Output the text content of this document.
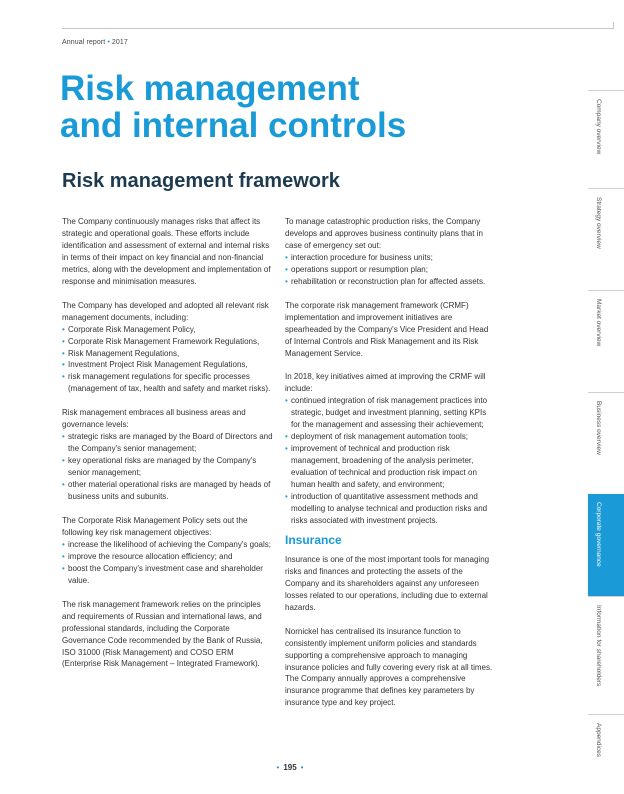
Annual report • 2017
Risk management
and internal controls
Risk management framework

The Company continuously manages risks that affect its strategic and operational goals. These efforts include identification and assessment of external and internal risks in terms of their impact on key financial and non-financial metrics, along with the development and implementation of response and minimisation measures.

The Company has developed and adopted all relevant risk management documents, including:

• Corporate Risk Management Policy,
• Corporate Risk Management Framework Regulations,
• Risk Management Regulations,
• Investment Project Risk Management Regulations,
• risk management regulations for specific processes (management of tax, health and safety and market risks).

Risk management embraces all business areas and governance levels:

• strategic risks are managed by the Board of Directors and the Company's senior management;
• key operational risks are managed by the Company's senior management;
• other material operational risks are managed by heads of business units and subunits.

The Corporate Risk Management Policy sets out the following key risk management objectives:

• increase the likelihood of achieving the Company's goals;
• improve the resource allocation efficiency; and
• boost the Company's investment case and shareholder value.

The risk management framework relies on the principles and requirements of Russian and international laws, and professional standards, including the Corporate Governance Code recommended by the Bank of Russia, ISO 31000 (Risk Management) and COSO ERM (Enterprise Risk Management – Integrated Framework).

To manage catastrophic production risks, the Company develops and approves business continuity plans that in case of emergency set out:

• interaction procedure for business units;
• operations support or resumption plan;
• rehabilitation or reconstruction plan for affected assets.

The corporate risk management framework (CRMF) implementation and improvement initiatives are spearheaded by the Company's Vice President and Head of Internal Controls and Risk Management and its Risk Management Service.

In 2018, key initiatives aimed at improving the CRMF will include:

• continued integration of risk management practices into strategic, budget and investment planning, setting KPIs for the management and assessing their achievement;
• deployment of risk management automation tools;
• improvement of technical and production risk management, broadening of the analysis perimeter, evaluation of technical and production risk impact on human health and safety, and environment;
• introduction of quantitative assessment methods and modelling to analyse technical and production risks and risks associated with investment projects.
Insurance

Insurance is one of the most important tools for managing risks and finances and protecting the assets of the Company and its shareholders against any unforeseen losses related to our operations, including due to external hazards.

Nornickel has centralised its insurance function to consistently implement uniform policies and standards supporting a comprehensive approach to managing insurance policies and fully covering every risk at all times. The Company annually approves a comprehensive insurance programme that defines key parameters by insurance type and key project.

Company overview
Strategy overview
Market overview
Business overview
Corporate governance
Information for shareholders
Appendices
• 195 •
